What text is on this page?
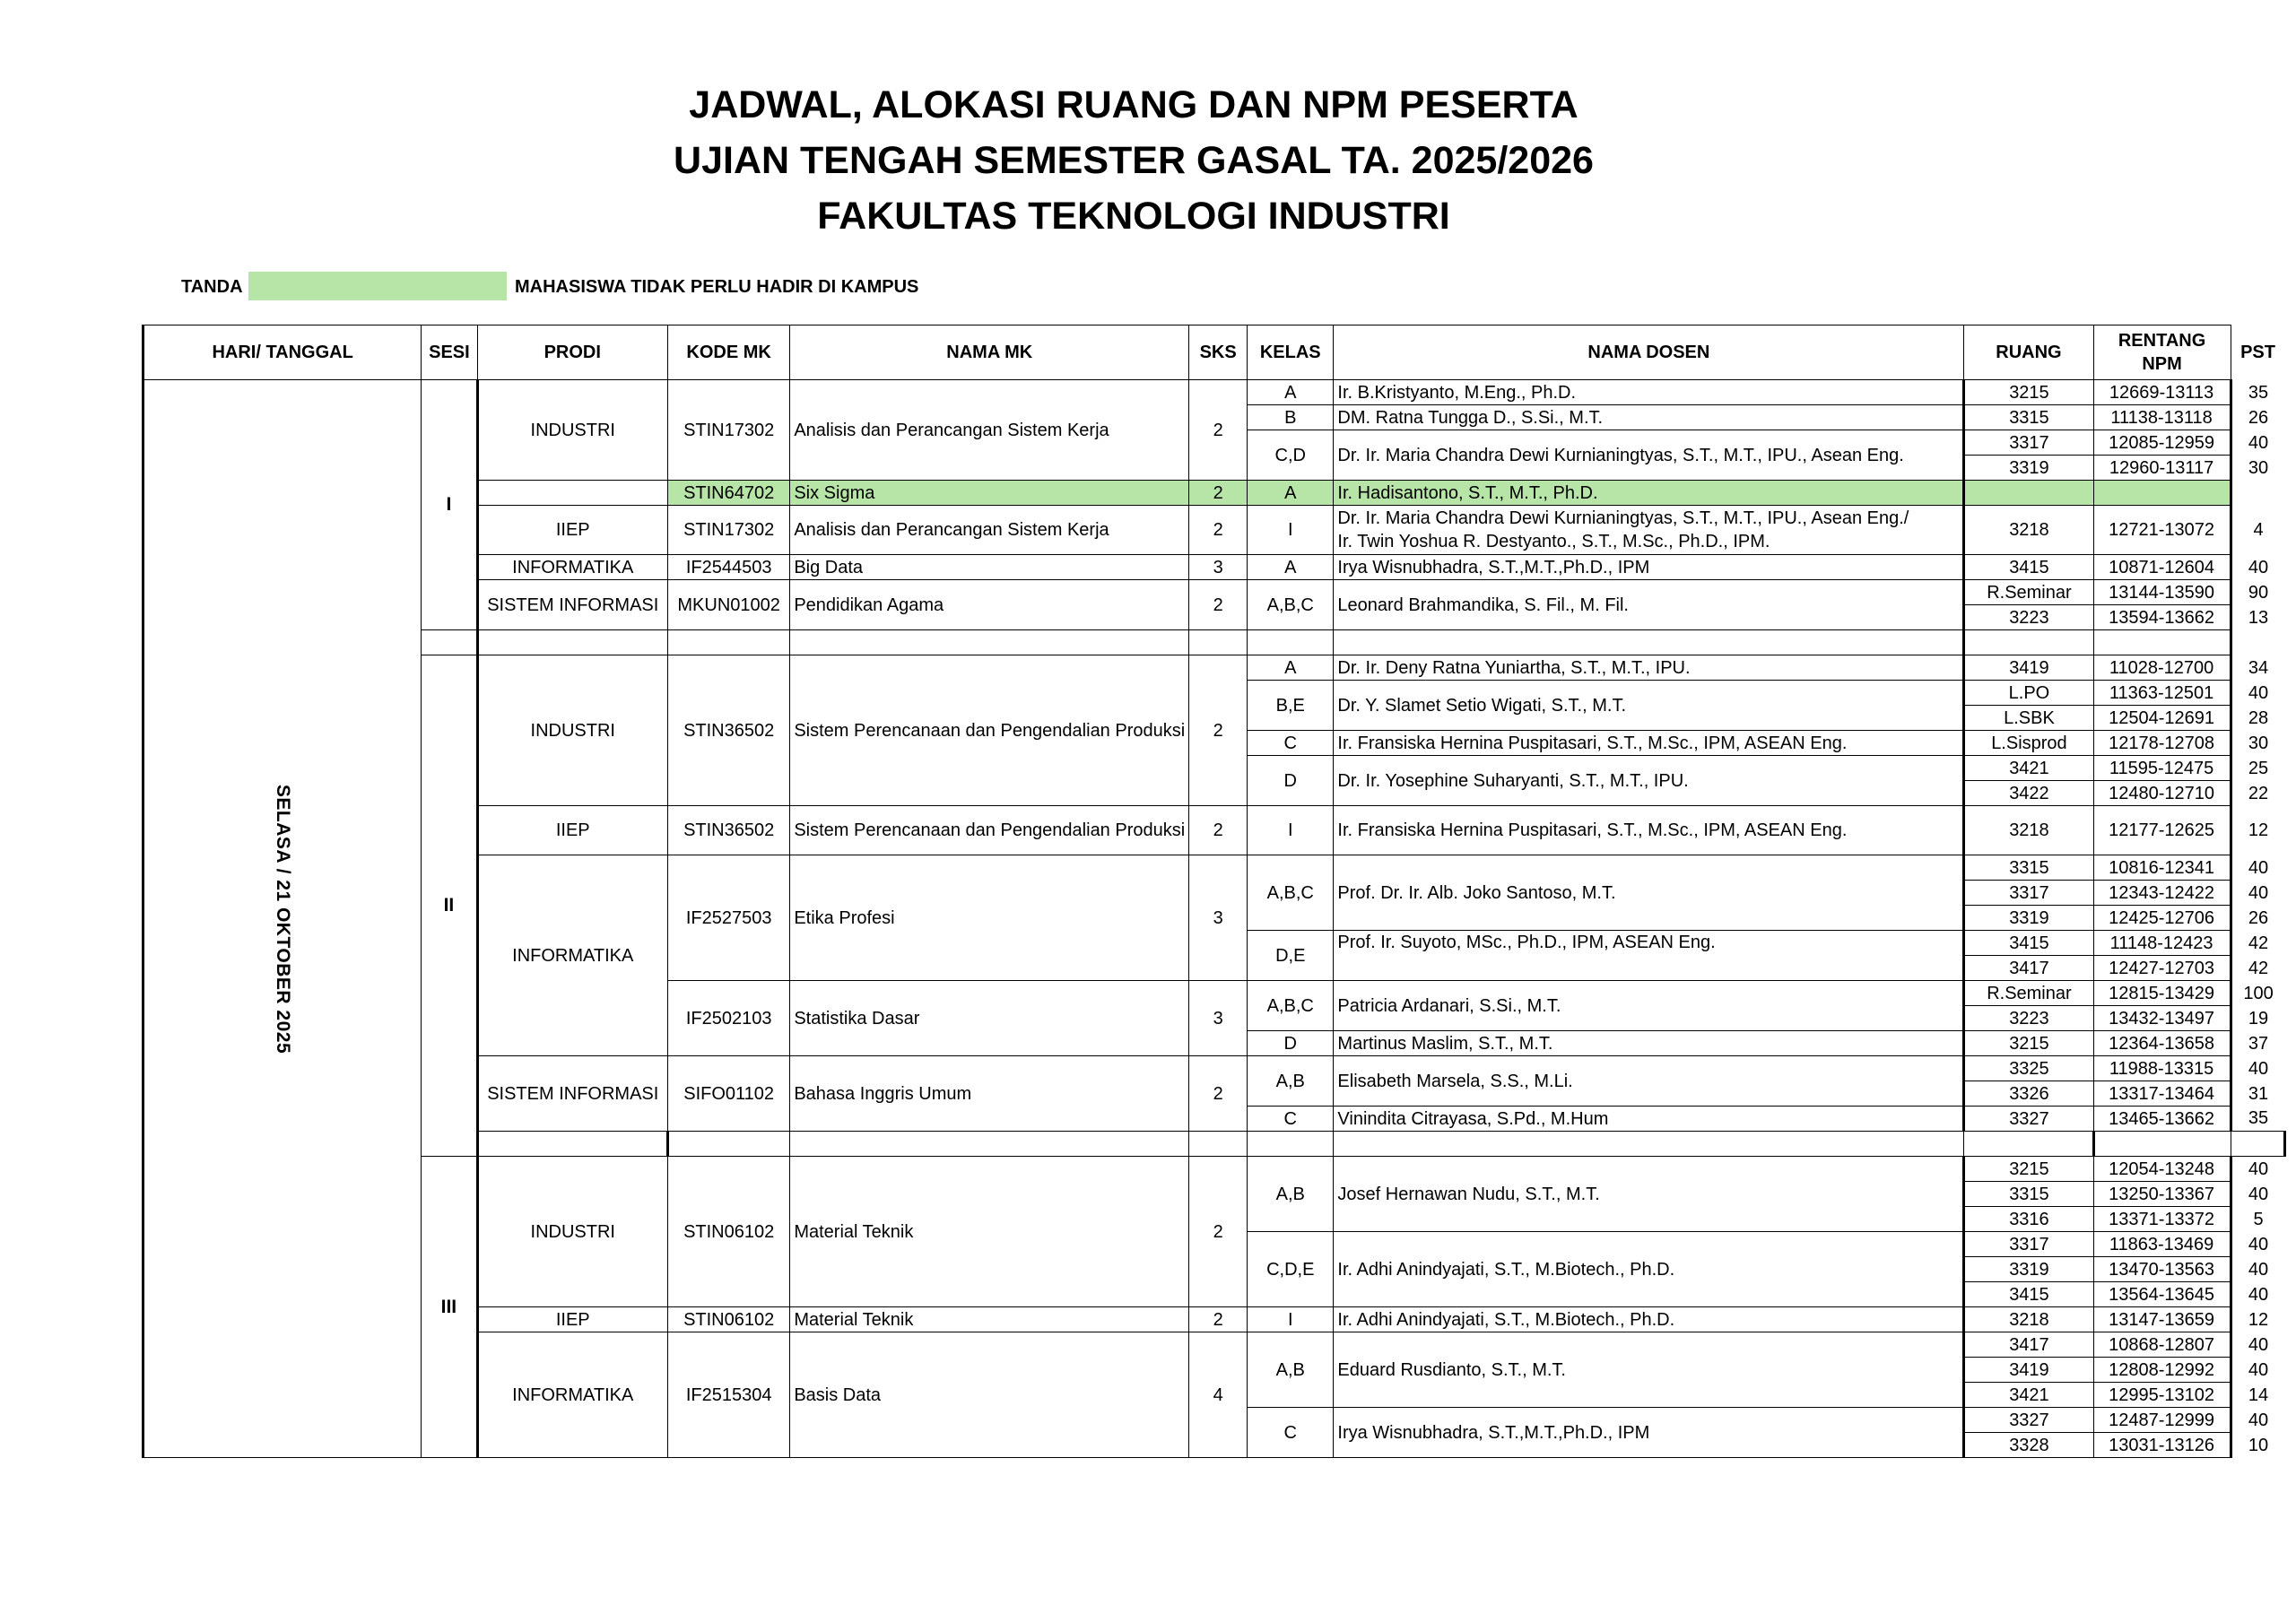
JADWAL, ALOKASI RUANG DAN NPM PESERTA
UJIAN TENGAH SEMESTER GASAL TA. 2025/2026
FAKULTAS TEKNOLOGI INDUSTRI
TANDA	MAHASISWA TIDAK PERLU HADIR DI KAMPUS
HARI/ TANGGAL	SESI	PRODI	KODE MK	NAMA MK	SKS	KELAS	NAMA DOSEN	RUANG	RENTANG NPM	PST	
SELASA / 21 OKTOBER 2025	I	INDUSTRI	STIN17302	Analisis dan Perancangan Sistem Kerja	2	A	Ir. B.Kristyanto, M.Eng., Ph.D.	3215	12669-13113	35	
						B	DM. Ratna Tungga D., S.Si., M.T.	3315	11138-13118	26	
						C,D	Dr. Ir. Maria Chandra Dewi Kurnianingtyas, S.T., M.T., IPU., Asean Eng.	3317	12085-12959	40	
								3319	12960-13117	30	
			STIN64702	Six Sigma	2	A	Ir. Hadisantono, S.T., M.T., Ph.D.				
		IIEP	STIN17302	Analisis dan Perancangan Sistem Kerja	2	I	Dr. Ir. Maria Chandra Dewi Kurnianingtyas, S.T., M.T., IPU., Asean Eng./
Ir. Twin Yoshua R. Destyanto., S.T., M.Sc., Ph.D., IPM.	3218	12721-13072	4	

		INFORMATIKA	IF2544503	Big Data	3	A	Irya Wisnubhadra, S.T.,M.T.,Ph.D., IPM	3415	10871-12604	40	
		SISTEM INFORMASI	MKUN01002	Pendidikan Agama	2	A,B,C	Leonard Brahmandika, S. Fil., M. Fil.	R.Seminar	13144-13590	90	
								3223	13594-13662	13	

	II	INDUSTRI	STIN36502	Sistem Perencanaan dan Pengendalian Produksi	2	A	Dr. Ir. Deny Ratna Yuniartha, S.T., M.T., IPU.	3419	11028-12700	34	
						B,E	Dr. Y. Slamet Setio Wigati, S.T., M.T.	L.PO	11363-12501	40	
								L.SBK	12504-12691	28	
						C	Ir. Fransiska Hernina Puspitasari, S.T., M.Sc., IPM, ASEAN Eng.	L.Sisprod	12178-12708	30	
						D	Dr. Ir. Yosephine Suharyanti, S.T., M.T., IPU.	3421	11595-12475	25	
								3422	12480-12710	22	
		IIEP	STIN36502	Sistem Perencanaan dan Pengendalian Produksi	2	I	Ir. Fransiska Hernina Puspitasari, S.T., M.Sc., IPM, ASEAN Eng.	3218	12177-12625	12	
		INFORMATIKA	IF2527503	Etika Profesi	3	A,B,C	Prof. Dr. Ir. Alb. Joko Santoso, M.T.	3315	10816-12341	40	
								3317	12343-12422	40	
								3319	12425-12706	26	
						D,E	Prof. Ir. Suyoto, MSc., Ph.D., IPM, ASEAN Eng.	3415	11148-12423	42	
								3417	12427-12703	42	
			IF2502103	Statistika Dasar	3	A,B,C	Patricia Ardanari, S.Si., M.T.	R.Seminar	12815-13429	100	
								3223	13432-13497	19	
						D	Martinus Maslim, S.T., M.T.	3215	12364-13658	37	
		SISTEM INFORMASI	SIFO01102	Bahasa Inggris Umum	2	A,B	Elisabeth Marsela, S.S., M.Li.	3325	11988-13315	40	
								3326	13317-13464	31	
						C	Vinindita Citrayasa, S.Pd., M.Hum	3327	13465-13662	35	

	III	INDUSTRI	STIN06102	Material Teknik	2	A,B	Josef Hernawan Nudu, S.T., M.T.	3215	12054-13248	40	
								3315	13250-13367	40	
								3316	13371-13372	5	
						C,D,E	Ir. Adhi Anindyajati, S.T., M.Biotech., Ph.D.	3317	11863-13469	40	
								3319	13470-13563	40	
								3415	13564-13645	40	
		IIEP	STIN06102	Material Teknik	2	I	Ir. Adhi Anindyajati, S.T., M.Biotech., Ph.D.	3218	13147-13659	12	
		INFORMATIKA	IF2515304	Basis Data	4	A,B	Eduard Rusdianto, S.T., M.T.	3417	10868-12807	40	
								3419	12808-12992	40	
								3421	12995-13102	14	
						C	Irya Wisnubhadra, S.T.,M.T.,Ph.D., IPM	3327	12487-12999	40	
								3328	13031-13126	10	
